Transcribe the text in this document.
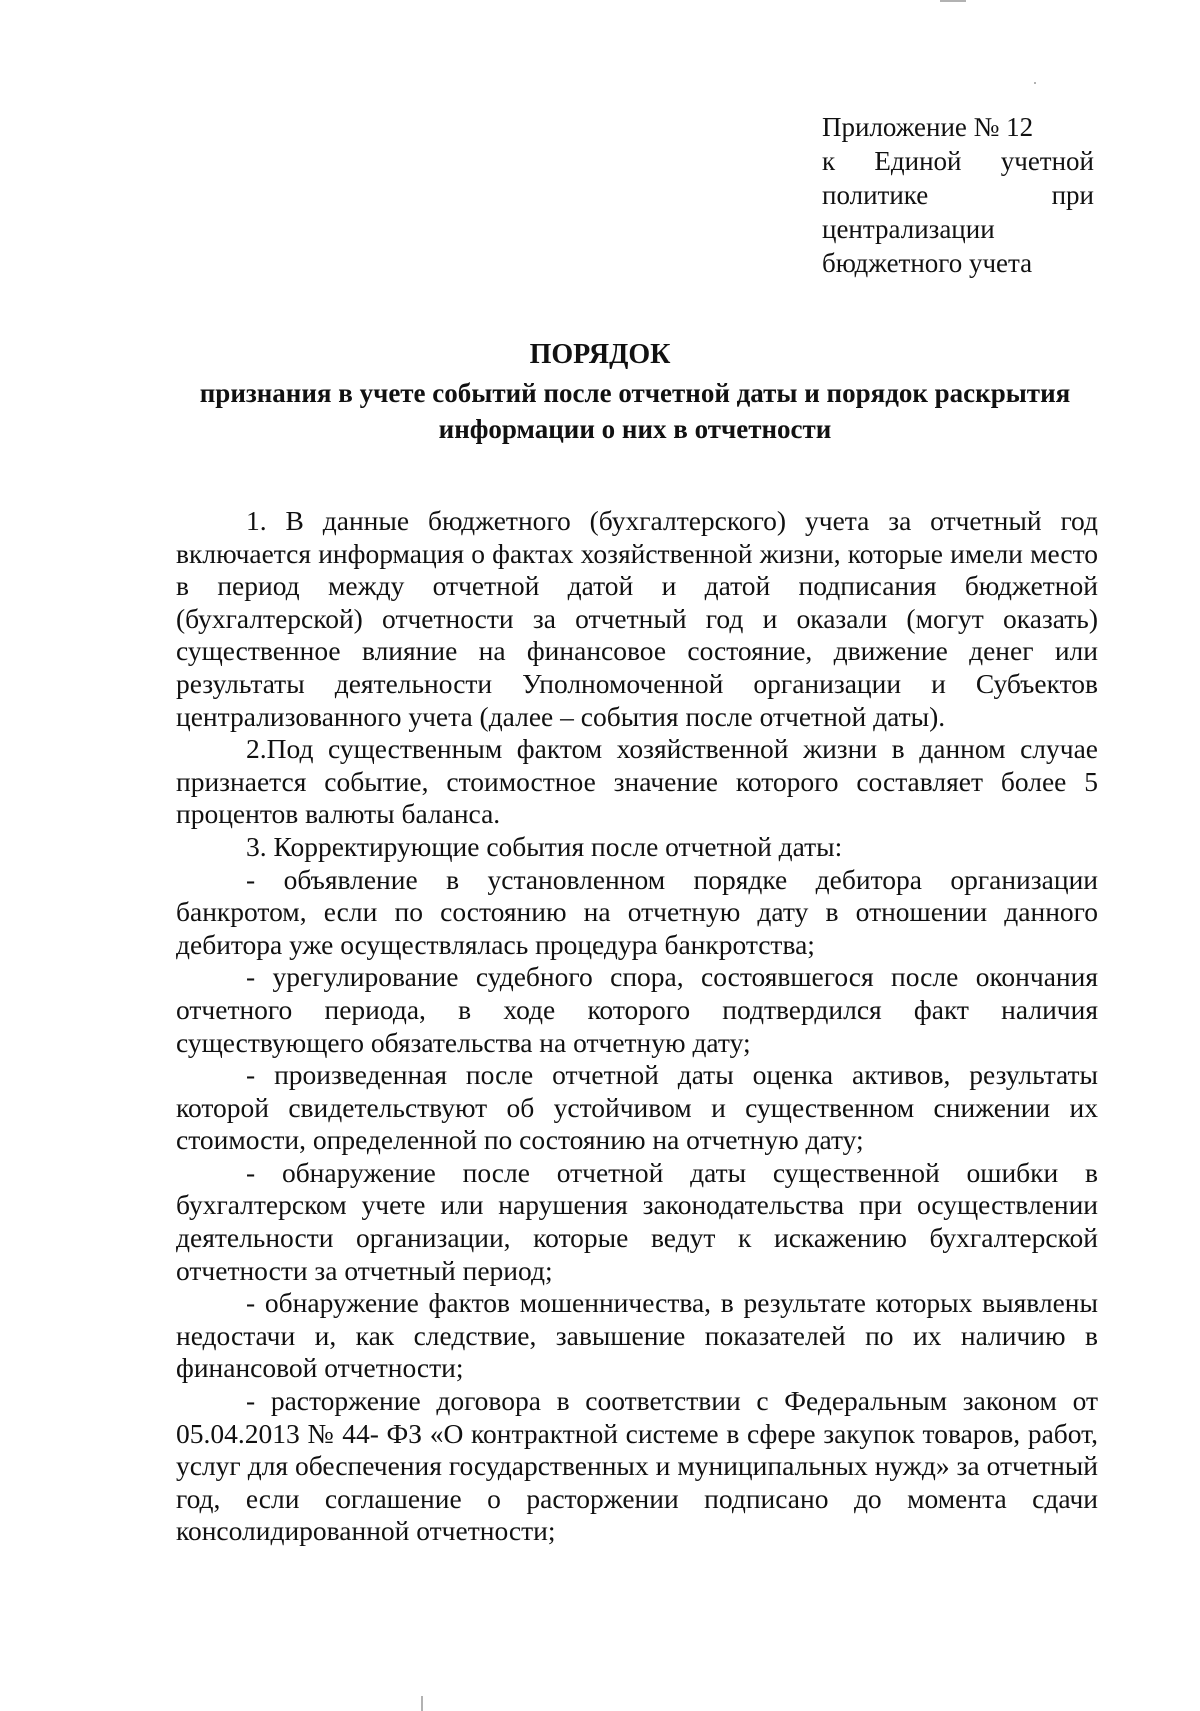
Приложение № 12
к Единой учетной
политике	при
централизации
бюджетного учета
ПОРЯДОК
признания в учете событий после отчетной даты и порядок раскрытия информации о них в отчетности

1. В данные бюджетного (бухгалтерского) учета за отчетный год включается информация о фактах хозяйственной жизни, которые имели место в период между отчетной датой и датой подписания бюджетной (бухгалтерской) отчетности за отчетный год и оказали (могут оказать) существенное влияние на финансовое состояние, движение денег или результаты деятельности Уполномоченной организации и Субъектов централизованного учета (далее – события после отчетной даты).

2.Под существенным фактом хозяйственной жизни в данном случае признается событие, стоимостное значение которого составляет более 5 процентов валюты баланса.

3. Корректирующие события после отчетной даты:

- объявление в установленном порядке дебитора организации банкротом, если по состоянию на отчетную дату в отношении данного дебитора уже осуществлялась процедура банкротства;

- урегулирование судебного спора, состоявшегося после окончания отчетного периода, в ходе которого подтвердился факт наличия существующего обязательства на отчетную дату;

- произведенная после отчетной даты оценка активов, результаты которой свидетельствуют об устойчивом и существенном снижении их стоимости, определенной по состоянию на отчетную дату;

- обнаружение после отчетной даты существенной ошибки в бухгалтерском учете или нарушения законодательства при осуществлении деятельности организации, которые ведут к искажению бухгалтерской отчетности за отчетный период;

- обнаружение фактов мошенничества, в результате которых выявлены недостачи и, как следствие, завышение показателей по их наличию в финансовой отчетности;

- расторжение договора в соответствии с Федеральным законом от 05.04.2013 № 44- ФЗ «О контрактной системе в сфере закупок товаров, работ, услуг для обеспечения государственных и муниципальных нужд» за отчетный год, если соглашение о расторжении подписано до момента сдачи консолидированной отчетности;
